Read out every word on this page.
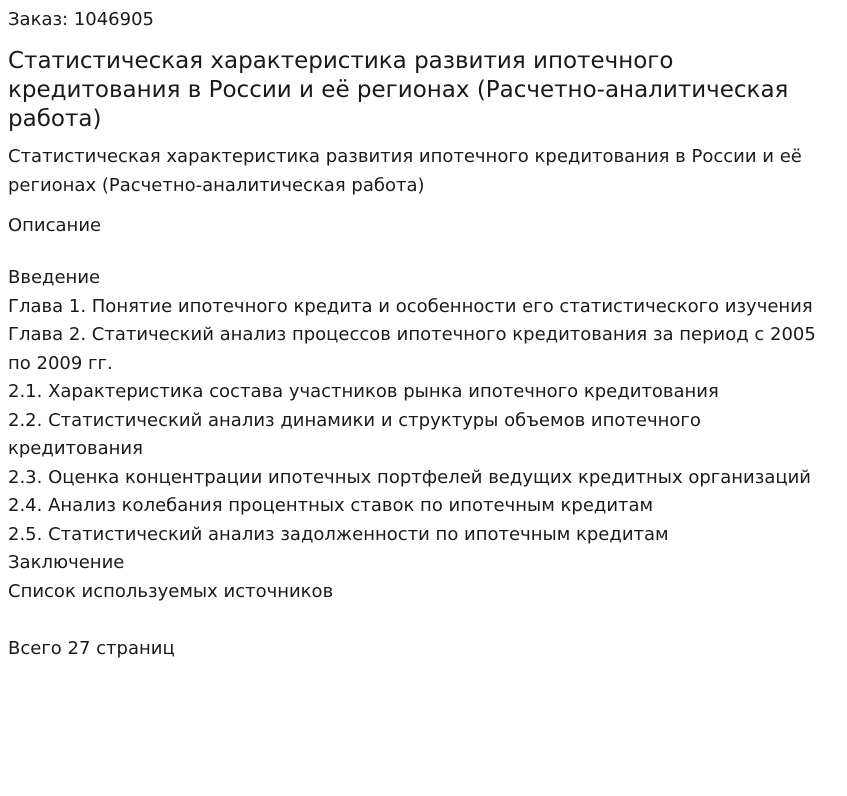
Заказ: 1046905
Статистическая характеристика развития ипотечного кредитования в России и её регионах (Расчетно-аналитическая работа)
Статистическая характеристика развития ипотечного кредитования в России и её регионах (Расчетно-аналитическая работа)
Описание
Введение
Глава 1. Понятие ипотечного кредита и особенности его статистического изучения
Глава 2. Статический анализ процессов ипотечного кредитования за период с 2005
по 2009 гг.
2.1. Характеристика состава участников рынка ипотечного кредитования
2.2. Статистический анализ динамики и структуры объемов ипотечного кредитования
2.3. Оценка концентрации ипотечных портфелей ведущих кредитных организаций
2.4. Анализ колебания процентных ставок по ипотечным кредитам
2.5. Статистический анализ задолженности по ипотечным кредитам
Заключение
Список используемых источников
Всего 27 страниц
